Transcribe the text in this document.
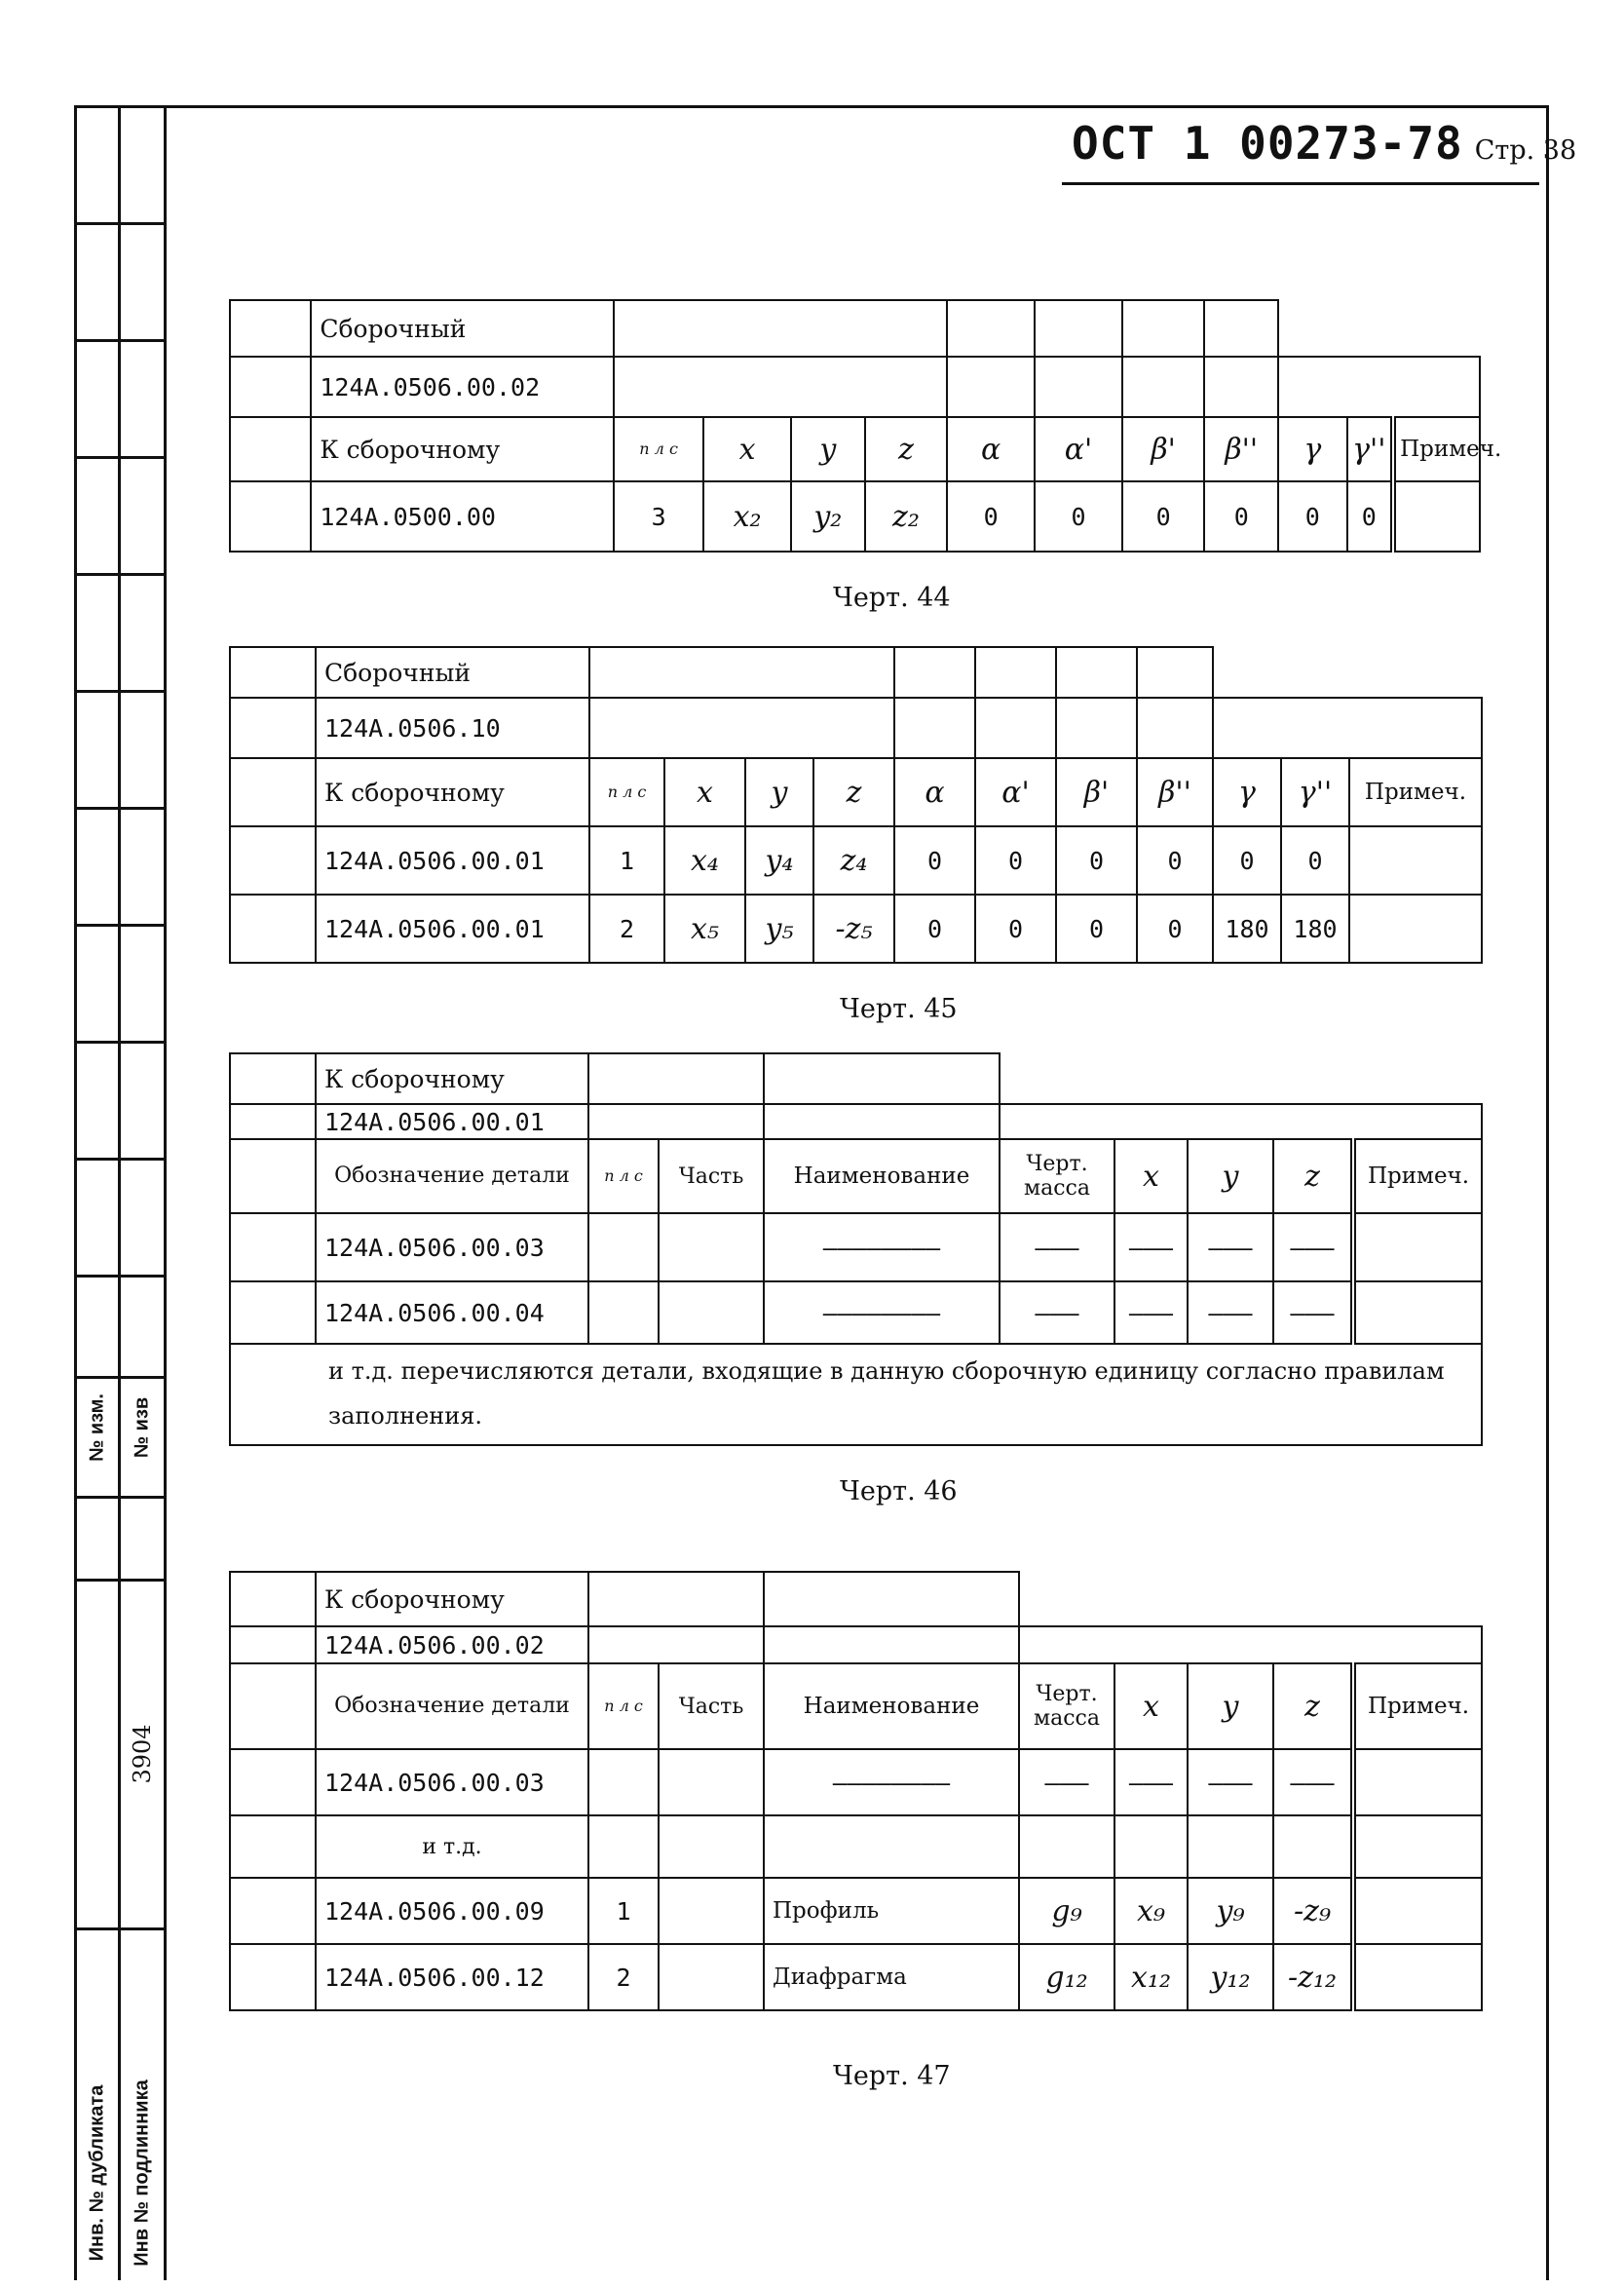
№ изм. № изв
3904
Инв. № дубликата Инв № подлинника
ОСТ 1 00273-78 Стр. 38
	Сборочный											
	124А.0506.00.02											
	К сборочному	п л с	x	y	z	α	α'	β'	β''	γ	γ''	Примеч.
	124А.0500.00	3	x₂	y₂	z₂	0	0	0	0	0	0	
Черт. 44
	Сборочный											
	124А.0506.10											
	К сборочному	п л с	x	y	z	α	α'	β'	β''	γ	γ''	Примеч.
	124А.0506.00.01	1	x₄	y₄	z₄	0	0	0	0	0	0	
	124А.0506.00.01	2	x₅	y₅	-z₅	0	0	0	0	180	180	
Черт. 45
	К сборочному								
	124А.0506.00.01								
	Обозначение детали	п л с	Часть	Наименование	Черт. масса	x	y	z	Примеч.
	124А.0506.00.03			————————	———	———	———	———	
	124А.0506.00.04			————————	———	———	———	———	
и т.д. перечисляются детали, входящие в данную сборочную единицу согласно правилам заполнения.									
Черт. 46
	К сборочному								
	124А.0506.00.02								
	Обозначение детали	п л с	Часть	Наименование	Черт. масса	x	y	z	Примеч.
	124А.0506.00.03			————————	———	———	———	———	
	и т.д.								
	124А.0506.00.09	1		Профиль	g₉	x₉	y₉	-z₉	
	124А.0506.00.12	2		Диафрагма	g₁₂	x₁₂	y₁₂	-z₁₂	
Черт. 47
